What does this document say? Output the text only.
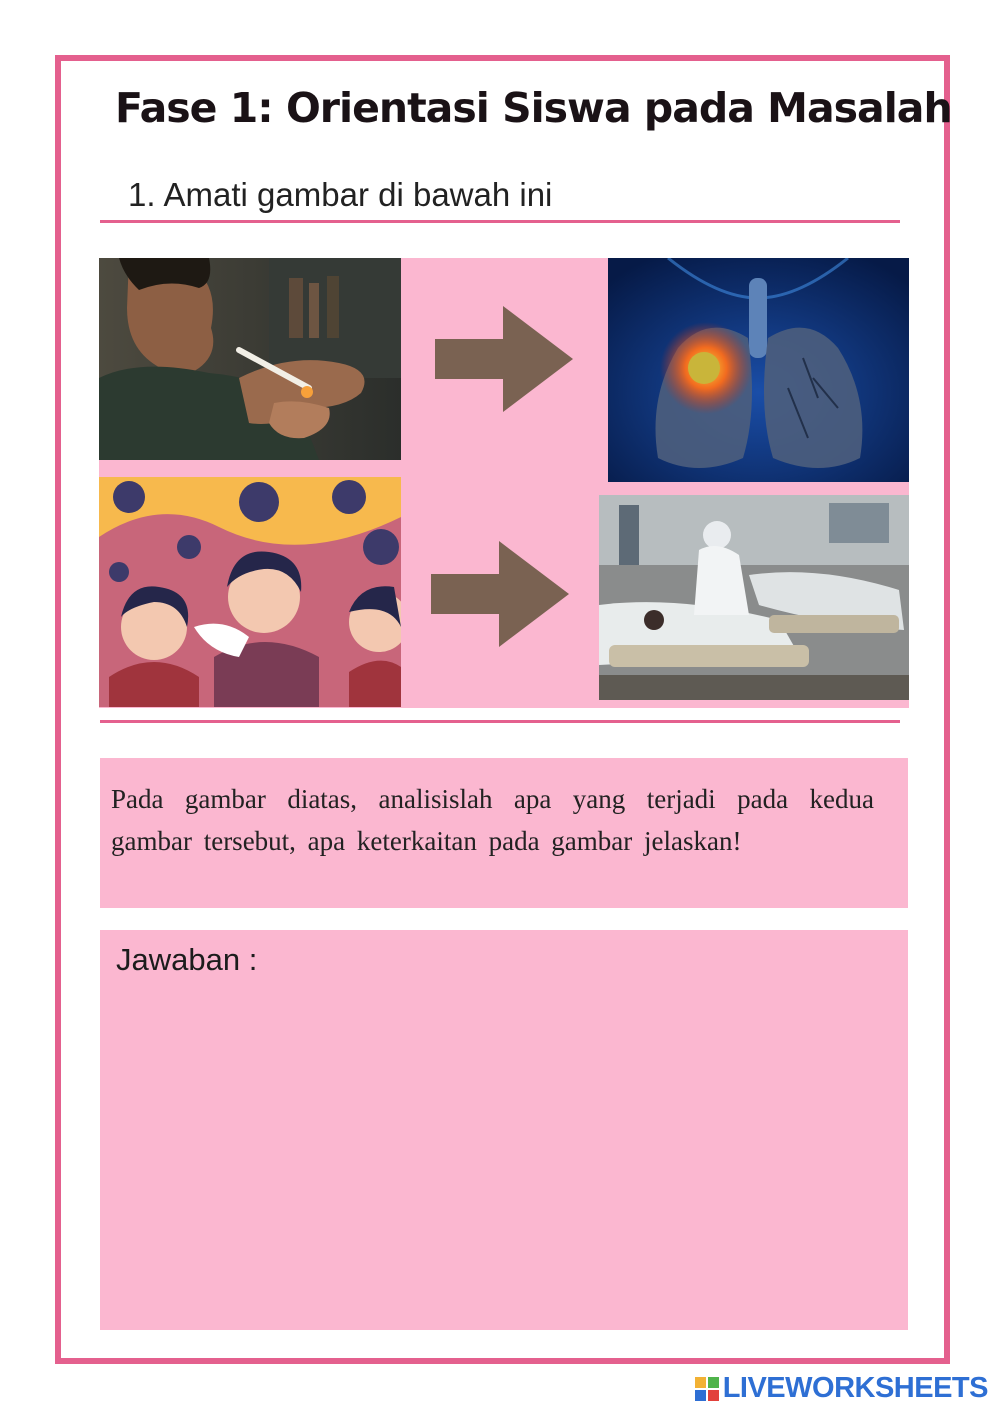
Fase 1: Orientasi Siswa pada Masalah
1. Amati gambar di bawah ini
Pada gambar diatas, analisislah apa yang terjadi pada kedua gambar tersebut, apa keterkaitan pada gambar jelaskan!
Jawaban :
LIVEWORKSHEETS
